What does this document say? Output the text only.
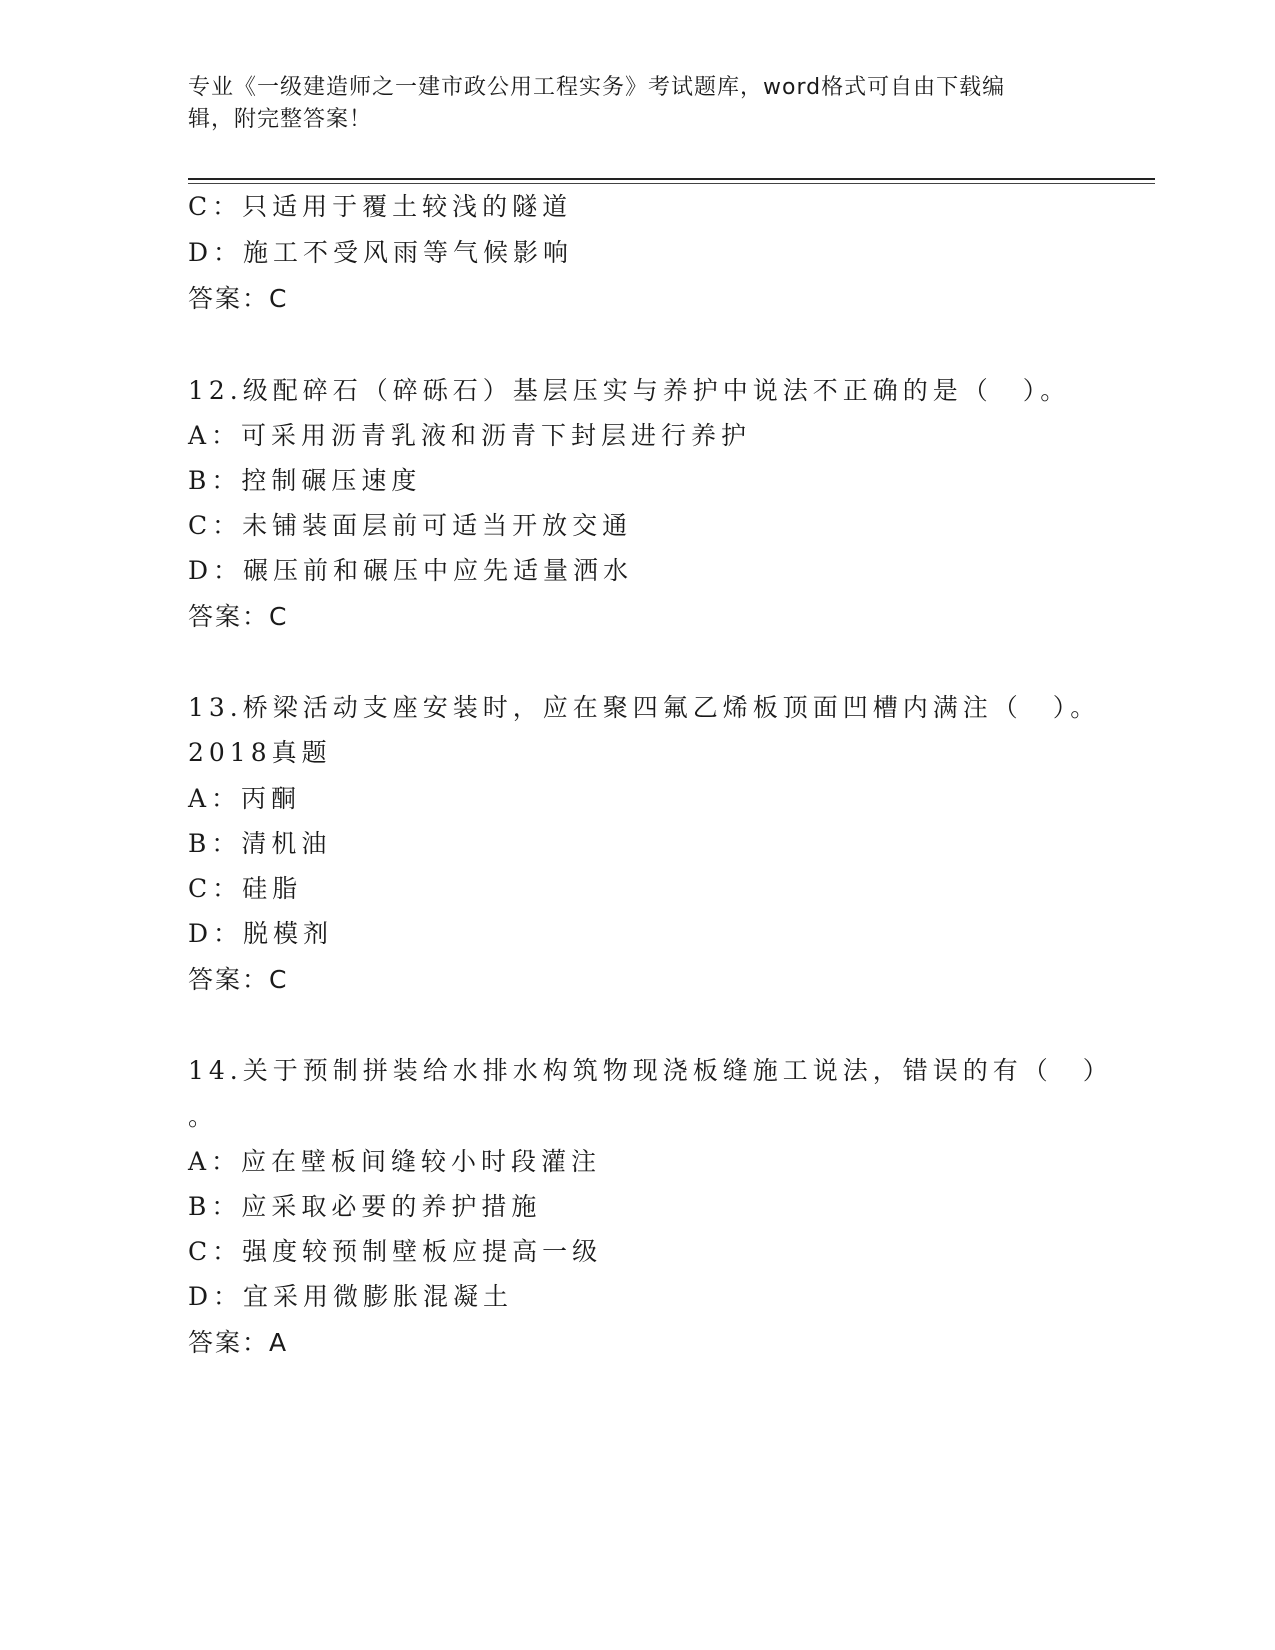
专业《一级建造师之一建市政公用工程实务》考试题库，word格式可自由下载编
辑，附完整答案！
C：只适用于覆土较浅的隧道
D：施工不受风雨等气候影响
答案：C
12.级配碎石（碎砾石）基层压实与养护中说法不正确的是（　）。
A：可采用沥青乳液和沥青下封层进行养护
B：控制碾压速度
C：未铺装面层前可适当开放交通
D：碾压前和碾压中应先适量洒水
答案：C
13.桥梁活动支座安装时，应在聚四氟乙烯板顶面凹槽内满注（　）。
2018真题
A：丙酮
B：清机油
C：硅脂
D：脱模剂
答案：C
14.关于预制拼装给水排水构筑物现浇板缝施工说法，错误的有（　）
。
A：应在壁板间缝较小时段灌注
B：应采取必要的养护措施
C：强度较预制壁板应提高一级
D：宜采用微膨胀混凝土
答案：A
